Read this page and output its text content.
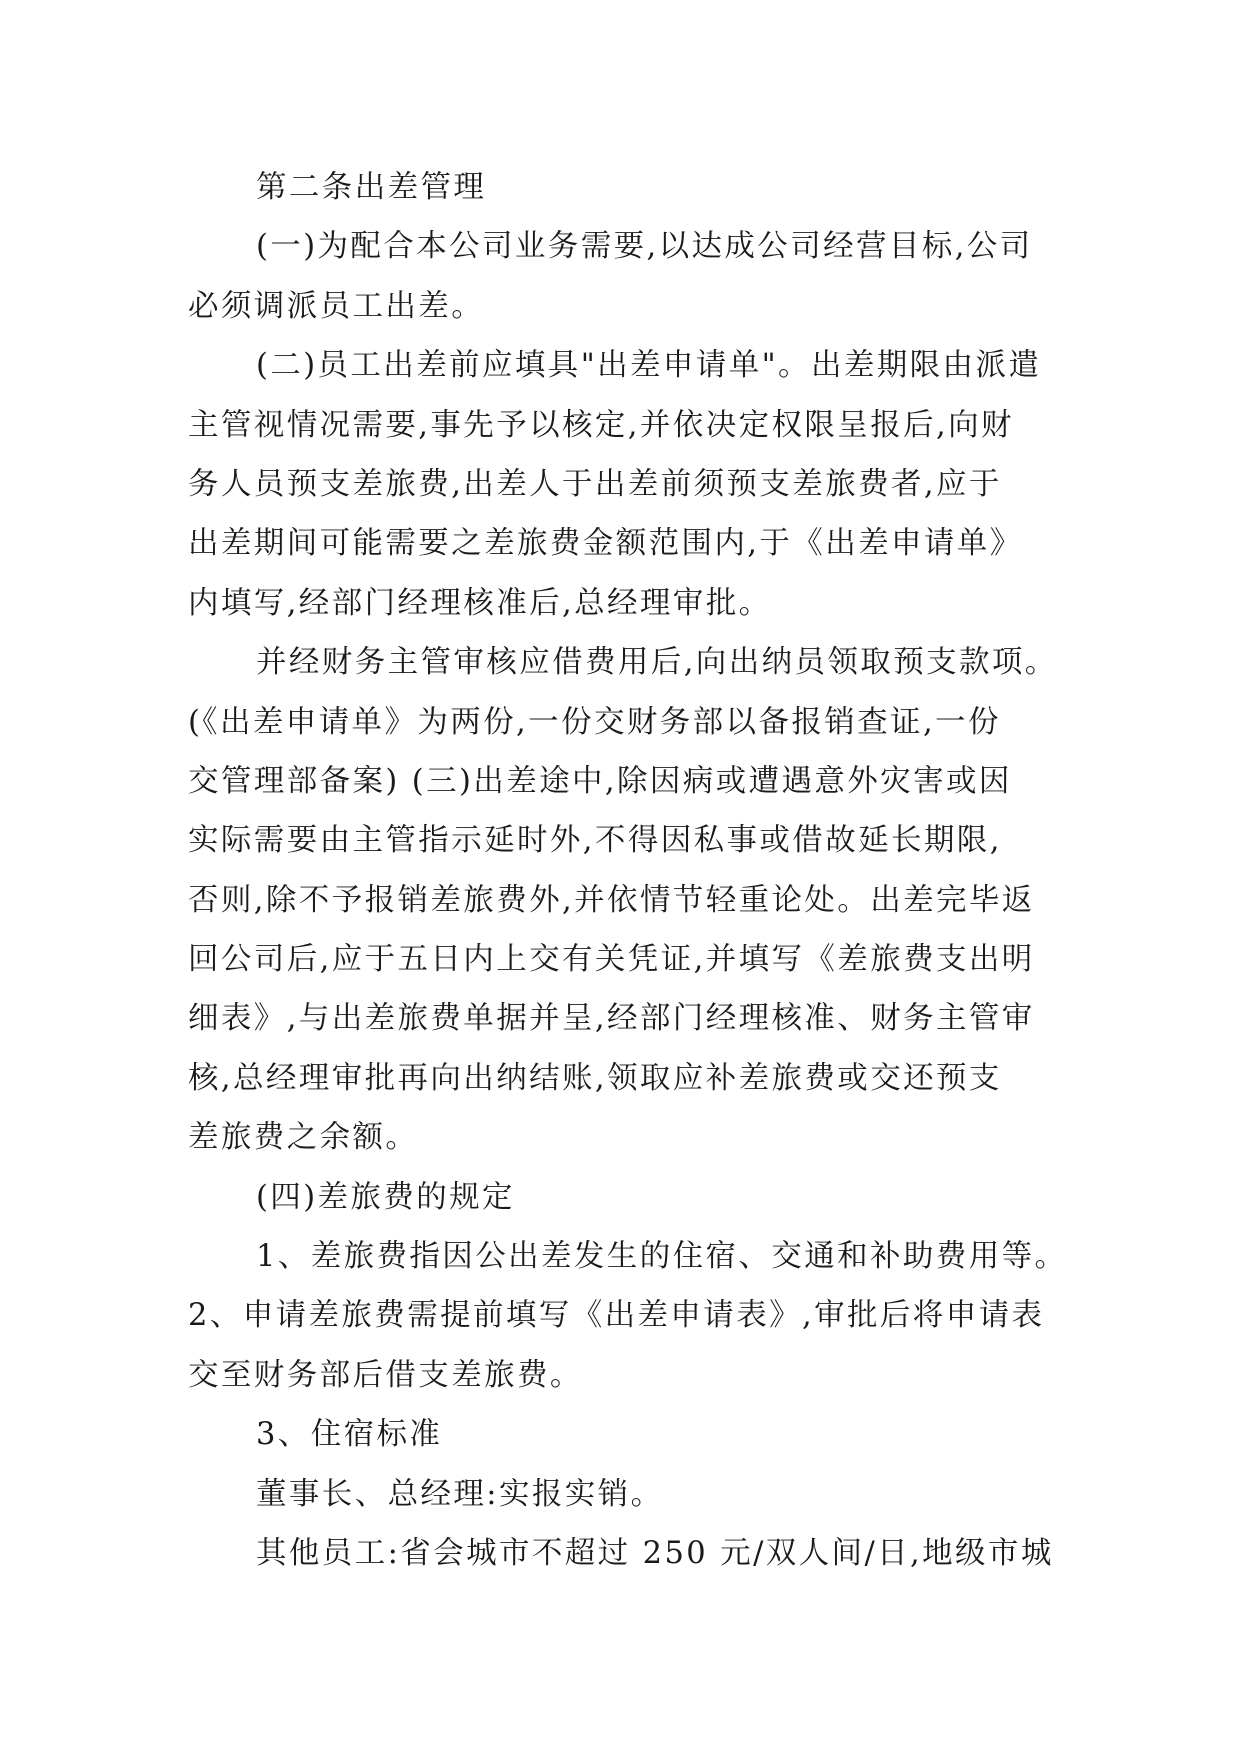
第二条出差管理
(一)为配合本公司业务需要,以达成公司经营目标,公司
必须调派员工出差。
(二)员工出差前应填具"出差申请单"。出差期限由派遣
主管视情况需要,事先予以核定,并依决定权限呈报后,向财
务人员预支差旅费,出差人于出差前须预支差旅费者,应于
出差期间可能需要之差旅费金额范围内,于《出差申请单》
内填写,经部门经理核准后,总经理审批。
并经财务主管审核应借费用后,向出纳员领取预支款项。
(《出差申请单》为两份,一份交财务部以备报销查证,一份
交管理部备案) (三)出差途中,除因病或遭遇意外灾害或因
实际需要由主管指示延时外,不得因私事或借故延长期限,
否则,除不予报销差旅费外,并依情节轻重论处。出差完毕返
回公司后,应于五日内上交有关凭证,并填写《差旅费支出明
细表》,与出差旅费单据并呈,经部门经理核准、财务主管审
核,总经理审批再向出纳结账,领取应补差旅费或交还预支
差旅费之余额。
(四)差旅费的规定
1、差旅费指因公出差发生的住宿、交通和补助费用等。
2、申请差旅费需提前填写《出差申请表》,审批后将申请表
交至财务部后借支差旅费。
3、住宿标准
董事长、总经理:实报实销。
其他员工:省会城市不超过 250 元/双人间/日,地级市城
